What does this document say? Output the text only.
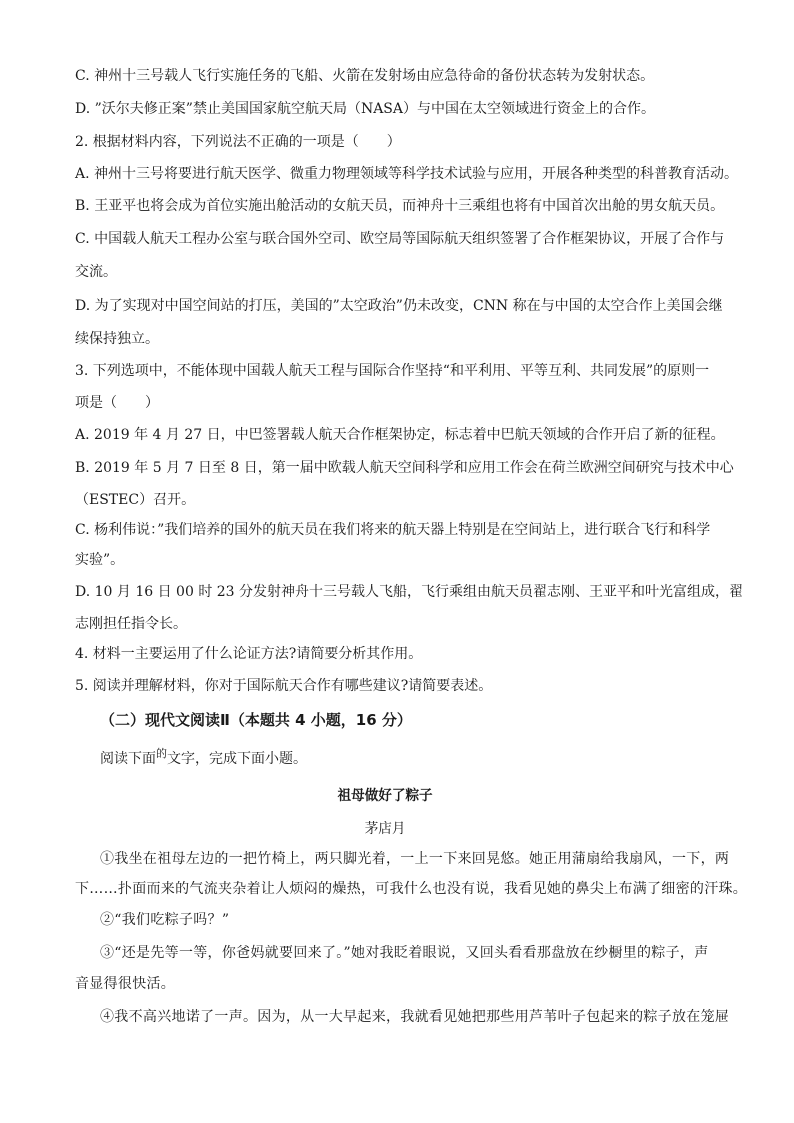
C. 神州十三号载人飞行实施任务的飞船、火箭在发射场由应急待命的备份状态转为发射状态。
D. ”沃尔夫修正案”禁止美国国家航空航天局（NASA）与中国在太空领域进行资金上的合作。
2. 根据材料内容，下列说法不正确的一项是（　　）
A. 神州十三号将要进行航天医学、微重力物理领域等科学技术试验与应用，开展各种类型的科普教育活动。
B. 王亚平也将会成为首位实施出舱活动的女航天员，而神舟十三乘组也将有中国首次出舱的男女航天员。
C. 中国载人航天工程办公室与联合国外空司、欧空局等国际航天组织签署了合作框架协议，开展了合作与
交流。
D. 为了实现对中国空间站的打压，美国的”太空政治”仍未改变，CNN 称在与中国的太空合作上美国会继
续保持独立。
3. 下列选项中，不能体现中国载人航天工程与国际合作坚持“和平利用、平等互利、共同发展”的原则一
项是（　　）
A. 2019 年 4 月 27 日，中巴签署载人航天合作框架协定，标志着中巴航天领域的合作开启了新的征程。
B. 2019 年 5 月 7 日至 8 日，第一届中欧载人航天空间科学和应用工作会在荷兰欧洲空间研究与技术中心
（ESTEC）召开。
C. 杨利伟说：”我们培养的国外的航天员在我们将来的航天器上特别是在空间站上，进行联合飞行和科学
实验”。
D. 10 月 16 日 00 时 23 分发射神舟十三号载人飞船，飞行乘组由航天员翟志刚、王亚平和叶光富组成，翟
志刚担任指令长。
4. 材料一主要运用了什么论证方法?请简要分析其作用。
5. 阅读并理解材料，你对于国际航天合作有哪些建议?请简要表述。
（二）现代文阅读Ⅱ（本题共 4 小题，16 分）
阅读下面$^的$文字，完成下面小题。
祖母做好了粽子
茅店月
①我坐在祖母左边的一把竹椅上，两只脚光着，一上一下来回晃悠。她正用蒲扇给我扇风，一下，两
下……扑面而来的气流夹杂着让人烦闷的燥热，可我什么也没有说，我看见她的鼻尖上布满了细密的汗珠。
②“我们吃粽子吗？”
③“还是先等一等，你爸妈就要回来了。”她对我眨着眼说，又回头看看那盘放在纱橱里的粽子，声
音显得很快活。
④我不高兴地诺了一声。因为，从一大早起来，我就看见她把那些用芦苇叶子包起来的粽子放在笼屉
